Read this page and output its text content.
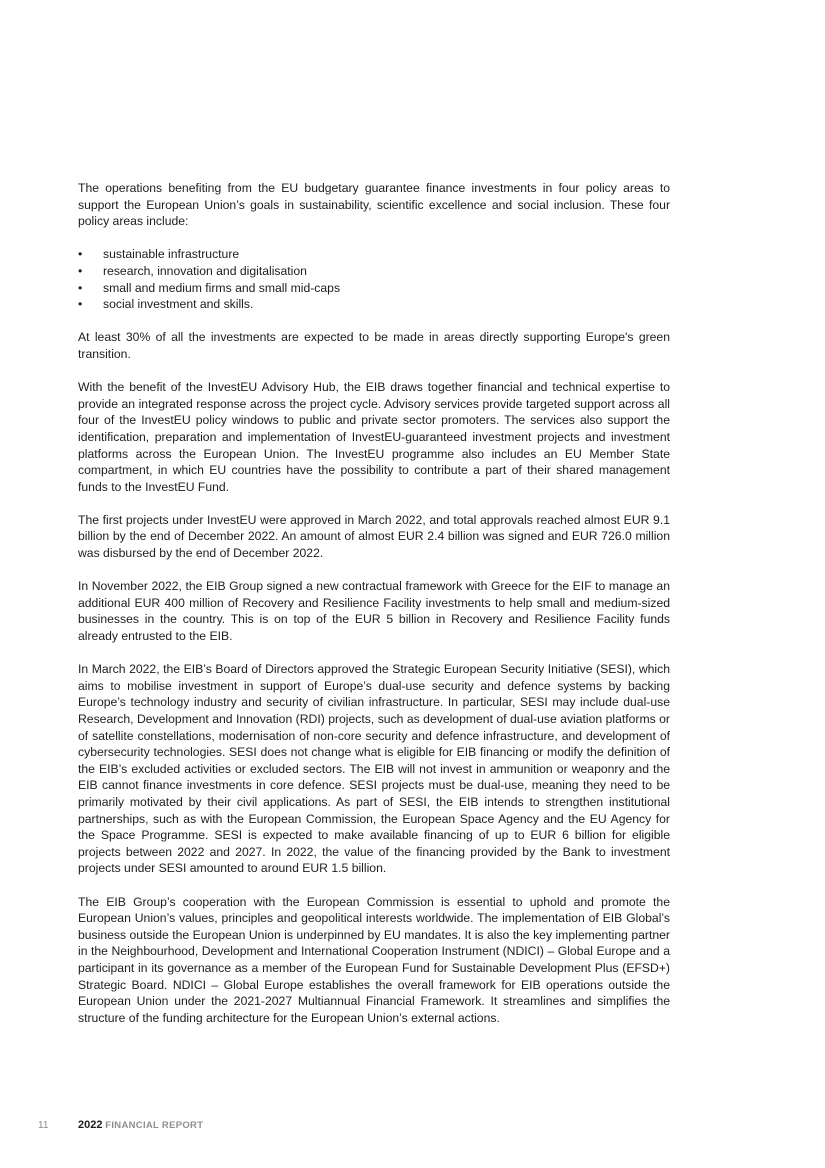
The operations benefiting from the EU budgetary guarantee finance investments in four policy areas to support the European Union’s goals in sustainability, scientific excellence and social inclusion. These four policy areas include:

• sustainable infrastructure
• research, innovation and digitalisation
• small and medium firms and small mid-caps
• social investment and skills.

At least 30% of all the investments are expected to be made in areas directly supporting Europe's green transition.

With the benefit of the InvestEU Advisory Hub, the EIB draws together financial and technical expertise to provide an integrated response across the project cycle. Advisory services provide targeted support across all four of the InvestEU policy windows to public and private sector promoters. The services also support the identification, preparation and implementation of InvestEU-guaranteed investment projects and investment platforms across the European Union. The InvestEU programme also includes an EU Member State compartment, in which EU countries have the possibility to contribute a part of their shared management funds to the InvestEU Fund.

The first projects under InvestEU were approved in March 2022, and total approvals reached almost EUR 9.1 billion by the end of December 2022. An amount of almost EUR 2.4 billion was signed and EUR 726.0 million was disbursed by the end of December 2022.

In November 2022, the EIB Group signed a new contractual framework with Greece for the EIF to manage an additional EUR 400 million of Recovery and Resilience Facility investments to help small and medium-sized businesses in the country. This is on top of the EUR 5 billion in Recovery and Resilience Facility funds already entrusted to the EIB.

In March 2022, the EIB’s Board of Directors approved the Strategic European Security Initiative (SESI), which aims to mobilise investment in support of Europe’s dual-use security and defence systems by backing Europe’s technology industry and security of civilian infrastructure. In particular, SESI may include dual-use Research, Development and Innovation (RDI) projects, such as development of dual-use aviation platforms or of satellite constellations, modernisation of non-core security and defence infrastructure, and development of cybersecurity technologies. SESI does not change what is eligible for EIB financing or modify the definition of the EIB’s excluded activities or excluded sectors. The EIB will not invest in ammunition or weaponry and the EIB cannot finance investments in core defence. SESI projects must be dual-use, meaning they need to be primarily motivated by their civil applications. As part of SESI, the EIB intends to strengthen institutional partnerships, such as with the European Commission, the European Space Agency and the EU Agency for the Space Programme. SESI is expected to make available financing of up to EUR 6 billion for eligible projects between 2022 and 2027. In 2022, the value of the financing provided by the Bank to investment projects under SESI amounted to around EUR 1.5 billion.

The EIB Group’s cooperation with the European Commission is essential to uphold and promote the European Union’s values, principles and geopolitical interests worldwide. The implementation of EIB Global’s business outside the European Union is underpinned by EU mandates. It is also the key implementing partner in the Neighbourhood, Development and International Cooperation Instrument (NDICI) – Global Europe and a participant in its governance as a member of the European Fund for Sustainable Development Plus (EFSD+) Strategic Board. NDICI – Global Europe establishes the overall framework for EIB operations outside the European Union under the 2021-2027 Multiannual Financial Framework. It streamlines and simplifies the structure of the funding architecture for the European Union’s external actions.

11	2022 FINANCIAL REPORT
